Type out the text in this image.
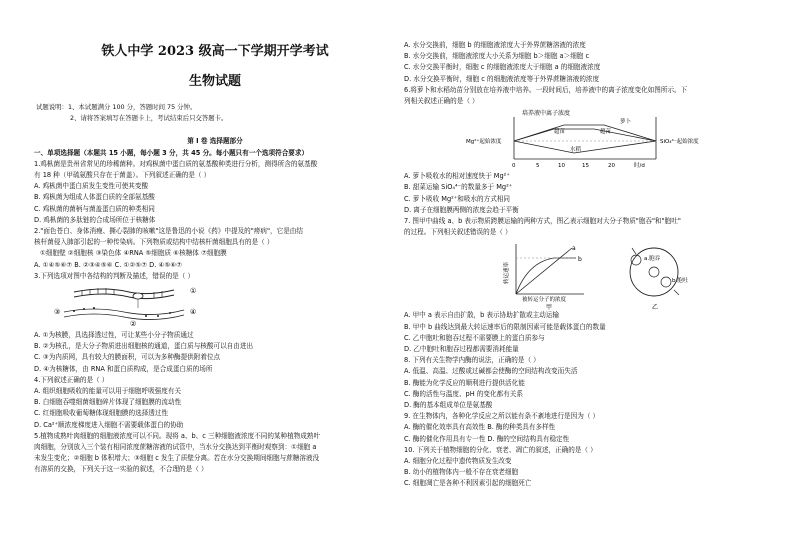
铁人中学 2023 级高一下学期开学考试
生物试题
试题说明：1、本试题满分 100 分，答题时间 75 分钟。
2、请将答案填写在答题卡上，考试结束后只交答题卡。
第 I 卷 选择题部分
一、单项选择题（本题共 15 小题，每小题 3 分，共 45 分。每小题只有一个选项符合要求）
1.鸡枞菌是贵州省常见的珍稀菌种。对鸡枞菌中蛋白质的氨基酸种类进行分析，测得所含的氨基酸
有 18 种（甲硫氨酸只存在于菌盖）。下列叙述正确的是（ ）
A. 鸡枞菌中蛋白质发生变性可使其变酸
B. 鸡枞菌为组成人体蛋白质的全部氨基酸
C. 鸡枞菌的菌柄与菌盖蛋白质的种类相同
D. 鸡枞菌的多肽链的合成场所位于核糖体
2."面色苍白、身体消瘦、撕心裂肺的咳嗽"这是鲁迅的小说《药》中提及的"痨病"，它是由结
核杆菌侵入肺部引起的一种传染病。下列物质或结构中结核杆菌细胞具有的是（ ）
①细胞壁 ②细胞核 ③染色体 ④RNA ⑤细胞质 ⑥核糖体 ⑦细胞膜
A. ①④⑤⑥⑦ B. ②③④⑤⑥ C. ①②⑤⑦ D. ④⑤⑥⑦
3.下列选项对图中各结构的判断及描述，错误的是（ ）
①
②
③	④
A. ①为核膜，具选择透过性，可让某些小分子物质通过
B. ②为核孔，是大分子物质进出细胞核的通道，蛋白质与核酸可以自由进出
C. ③为内质网，具有较大的膜面积，可以为多种酶提供附着位点
D. ④为核糖体，由 RNA 和蛋白质构成，是合成蛋白质的场所
4.下列叙述正确的是（ ）
A. 组织细胞吸收的能量可以用于细胞呼吸强度有关
B. 白细胞吞噬细菌细胞碎片体现了细胞膜的流动性
C. 红细胞吸收葡萄糖体现细胞膜的选择透过性
D. Ca²⁺顺浓度梯度进入细胞不需要载体蛋白的协助
5.植物成熟叶肉细胞的细胞液浓度可以不同。现将 a、b、c 三种细胞液浓度不同的某种植物成熟叶
肉细胞，分别放入三个装有相同浓度蔗糖溶液的试管中，当水分交换达到平衡时观察到：①细胞 a
未发生变化；②细胞 b 体积增大；③细胞 c 发生了质壁分离。若在水分交换期间细胞与蔗糖溶液没
有溶质的交换，下列关于这一实验的叙述，不合理的是（ ）
A. 水分交换前，细胞 b 的细胞液浓度大于外界蔗糖溶液的浓度
B. 水分交换前，细胞液浓度大小关系为细胞 b＞细胞 a＞细胞 c
C. 水分交换平衡时，细胞 c 的细胞液浓度大于细胞 a 的细胞液浓度
D. 水分交换平衡时，细胞 c 的细胞液浓度等于外界蔗糖溶液的浓度
6.将萝卜和水稻幼苗分别放在培养液中培养。一段时间后，培养液中的离子浓度变化如图所示。下
列相关叙述正确的是（ ）
培养液中离子浓度
Mg²⁺起始浓度	SiO₄⁴⁻起始浓度
超苗
萝卜
水稻
超苗
0	5	10	15	20	时/d
A. 萝卜吸收水的相对速度快于 Mg²⁺
B. 甜菜运输 SiO₄⁴⁻的数量多于 Mg²⁺
C. 萝卜吸收 Mg²⁺和吸水的方式相同
D. 离子在细胞膜两侧的浓度会趋于平衡
7. 图甲中曲线 a、b 表示物质跨膜运输的两种方式，图乙表示细胞对大分子物质"胞吞"和"胞吐"
的过程。下列相关叙述错误的是（ ）
转运速率
a
b
被转运分子的浓度
甲
a.胞吞
b.胞吐
乙
A. 甲中 a 表示自由扩散，b 表示协助扩散或主动运输
B. 甲中 b 曲线达到最大转运速率后的限制因素可能是载体蛋白的数量
C. 乙中胞吐和胞吞过程不需要膜上的蛋白质参与
D. 乙中胞吐和胞吞过程都需要消耗能量
8. 下列有关生物学内酶的说法，正确的是（ ）
A. 低温、高温、过酸或过碱都会使酶的空间结构改变而失活
B. 酶能为化学反应的顺利进行提供活化能
C. 酶的活性与温度、pH 的变化都有关系
D. 酶的基本组成单位是氨基酸
9. 在生物体内，各种化学反应之所以能有条不紊地进行是因为（ ）
A. 酶的催化效率具有高效性 B. 酶的种类具有多样性
C. 酶的催化作用具有专一性 D. 酶的空间结构具有稳定性
10. 下列关于植物细胞的分化、衰老、凋亡的叙述，正确的是（ ）
A. 细胞分化过程中遗传物质发生改变
B. 幼小的植物体内一般不存在衰老细胞
C. 细胞凋亡是各种不利因素引起的细胞死亡
